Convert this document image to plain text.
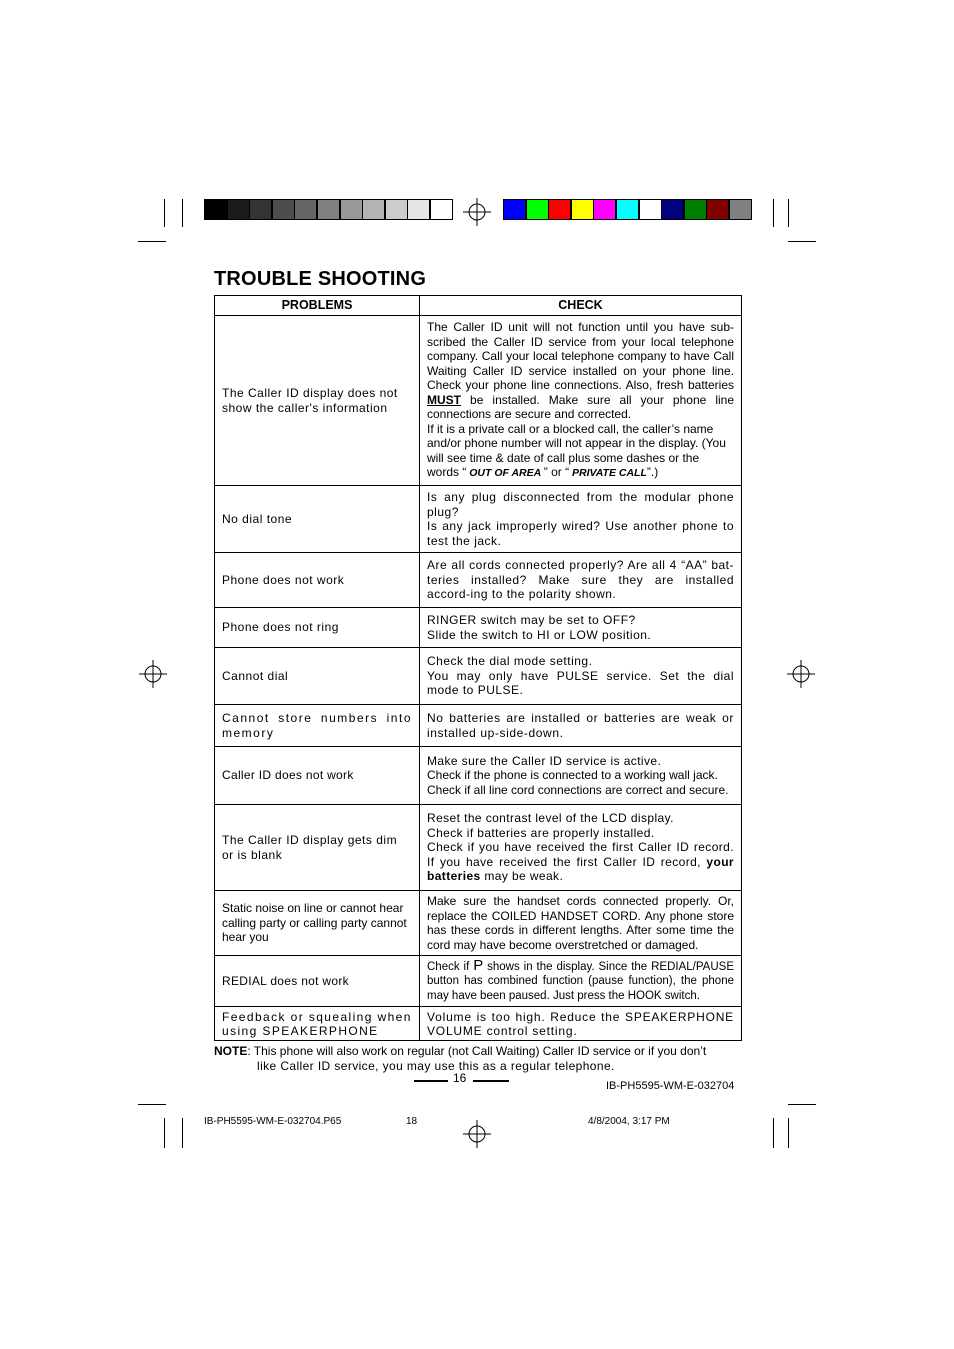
TROUBLE SHOOTING
PROBLEMS	CHECK
The Caller ID display does not show the caller's information	The Caller ID unit will not function until you have sub-scribed the Caller ID service from your local telephone company. Call your local telephone company to have Call Waiting Caller ID service installed on your phone line. Check your phone line connections. Also, fresh batteries MUST be installed. Make sure all your phone line connections are secure and corrected.

If it is a private call or a blocked call, the caller’s name and/or phone number will not appear in the display. (You will see time & date of call plus some dashes or the words “ OUT OF AREA ” or “ PRIVATE CALL”.)

No dial tone	Is any plug disconnected from the modular phone plug?

Is any jack improperly wired? Use another phone to test the jack.

Phone does not work	Are all cords connected properly? Are all 4 “AA” bat-teries installed? Make sure they are installed accord-ing to the polarity shown.
Phone does not ring	RINGER switch may be set to OFF?

Slide the switch to HI or LOW position.

Cannot dial	Check the dial mode setting.

You may only have PULSE service. Set the dial mode to PULSE.

Cannot store numbers into memory	No batteries are installed or batteries are weak or installed up-side-down.
Caller ID does not work	Make sure the Caller ID service is active.

Check if the phone is connected to a working wall jack.

Check if all line cord connections are correct and secure.

The Caller ID display gets dim or is blank	Reset the contrast level of the LCD display.

Check if batteries are properly installed.

Check if you have received the first Caller ID record. If you have received the first Caller ID record, your batteries may be weak.

Static noise on line or cannot hear calling party or calling party cannot hear you	Make sure the handset cords connected properly. Or, replace the COILED HANDSET CORD. Any phone store has these cords in different lengths. After some time the cord may have become overstretched or damaged.
REDIAL does not work	Check if P shows in the display. Since the REDIAL/PAUSE button has combined function (pause function), the phone may have been paused. Just press the HOOK switch.

Feedback or squealing when using SPEAKERPHONE	Volume is too high. Reduce the SPEAKERPHONE VOLUME control setting.
NOTE: This phone will also work on regular (not Call Waiting) Caller ID service or if you don’t
like Caller ID service, you may use this as a regular telephone.
16
IB-PH5595-WM-E-032704
IB-PH5595-WM-E-032704.P65	18	4/8/2004, 3:17 PM
